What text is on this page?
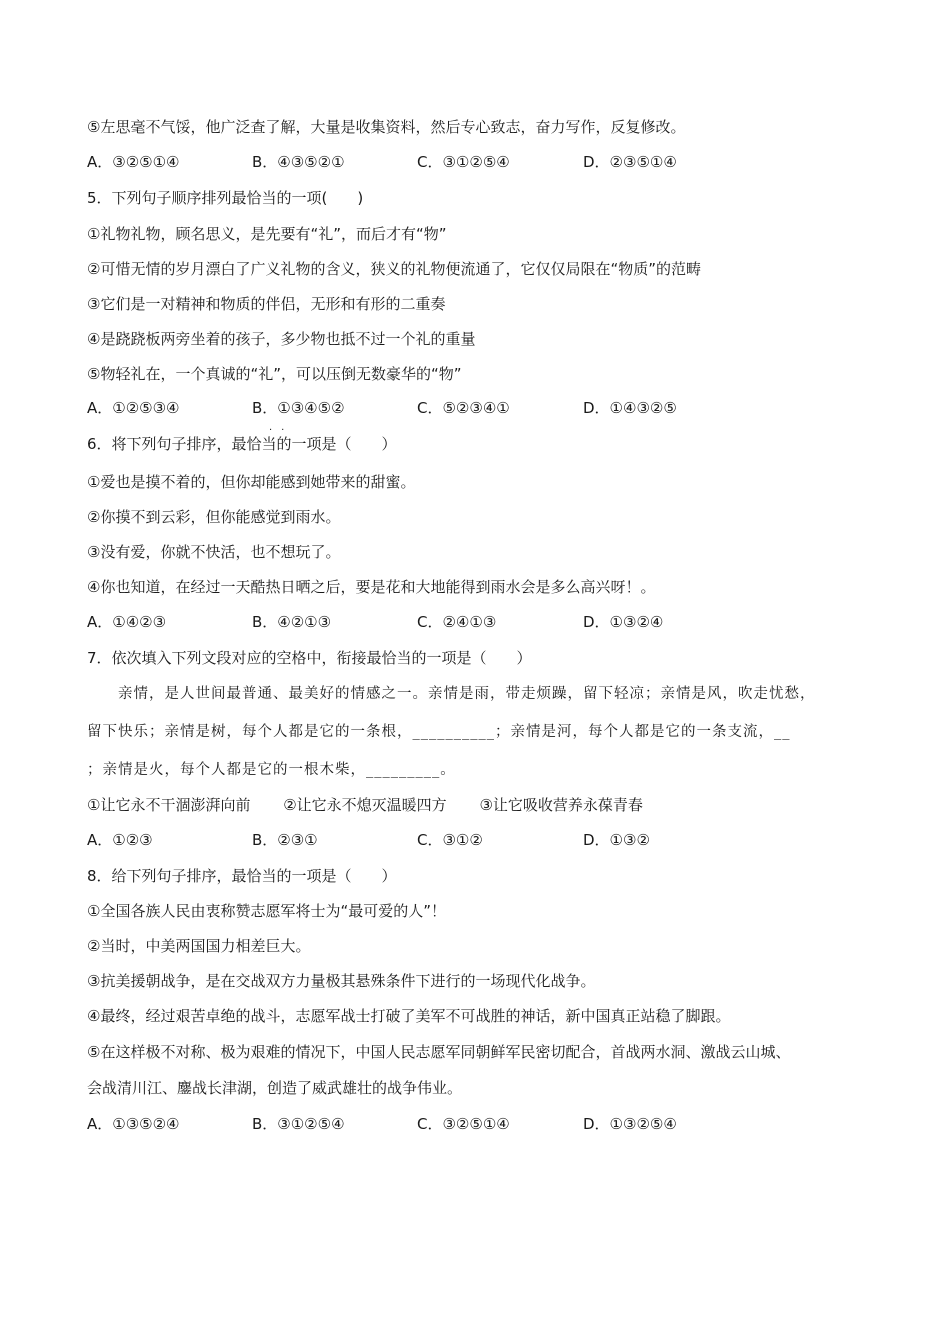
⑤左思毫不气馁，他广泛查了解，大量是收集资料，然后专心致志，奋力写作，反复修改。
A．③②⑤①④	B．④③⑤②①	C．③①②⑤④	D．②③⑤①④
5．下列句子顺序排列最恰当的一项(　　)
①礼物礼物，顾名思义，是先要有“礼”，而后才有“物”
②可惜无情的岁月漂白了广义礼物的含义，狭义的礼物便流通了，它仅仅局限在“物质”的范畴
③它们是一对精神和物质的伴侣，无形和有形的二重奏
④是跷跷板两旁坐着的孩子，多少物也抵不过一个礼的重量
⑤物轻礼在，一个真诚的“礼”，可以压倒无数豪华的“物”
A．①②⑤③④	B．①③④⑤②	C．⑤②③④①	D．①④③②⑤
··
6．将下列句子排序，最恰当的一项是（　　）
①爱也是摸不着的，但你却能感到她带来的甜蜜。
②你摸不到云彩，但你能感觉到雨水。
③没有爱，你就不快活，也不想玩了。
④你也知道，在经过一天酷热日晒之后，要是花和大地能得到雨水会是多么高兴呀！。
A．①④②③	B．④②①③	C．②④①③	D．①③②④
7．依次填入下列文段对应的空格中，衔接最恰当的一项是（　　）
　　亲情，是人世间最普通、最美好的情感之一。亲情是雨，带走烦躁，留下轻凉；亲情是风，吹走忧愁，
留下快乐；亲情是树，每个人都是它的一条根，__________；亲情是河，每个人都是它的一条支流，__
；亲情是火，每个人都是它的一根木柴，_________。
①让它永不干涸澎湃向前 ②让它永不熄灭温暖四方 ③让它吸收营养永葆青春
A．①②③	B．②③①	C．③①②	D．①③②
8．给下列句子排序，最恰当的一项是（　　）
①全国各族人民由衷称赞志愿军将士为“最可爱的人”！
②当时，中美两国国力相差巨大。
③抗美援朝战争，是在交战双方力量极其悬殊条件下进行的一场现代化战争。
④最终，经过艰苦卓绝的战斗，志愿军战士打破了美军不可战胜的神话，新中国真正站稳了脚跟。
⑤在这样极不对称、极为艰难的情况下，中国人民志愿军同朝鲜军民密切配合，首战两水洞、激战云山城、
会战清川江、鏖战长津湖，创造了威武雄壮的战争伟业。
A．①③⑤②④	B．③①②⑤④	C．③②⑤①④	D．①③②⑤④
